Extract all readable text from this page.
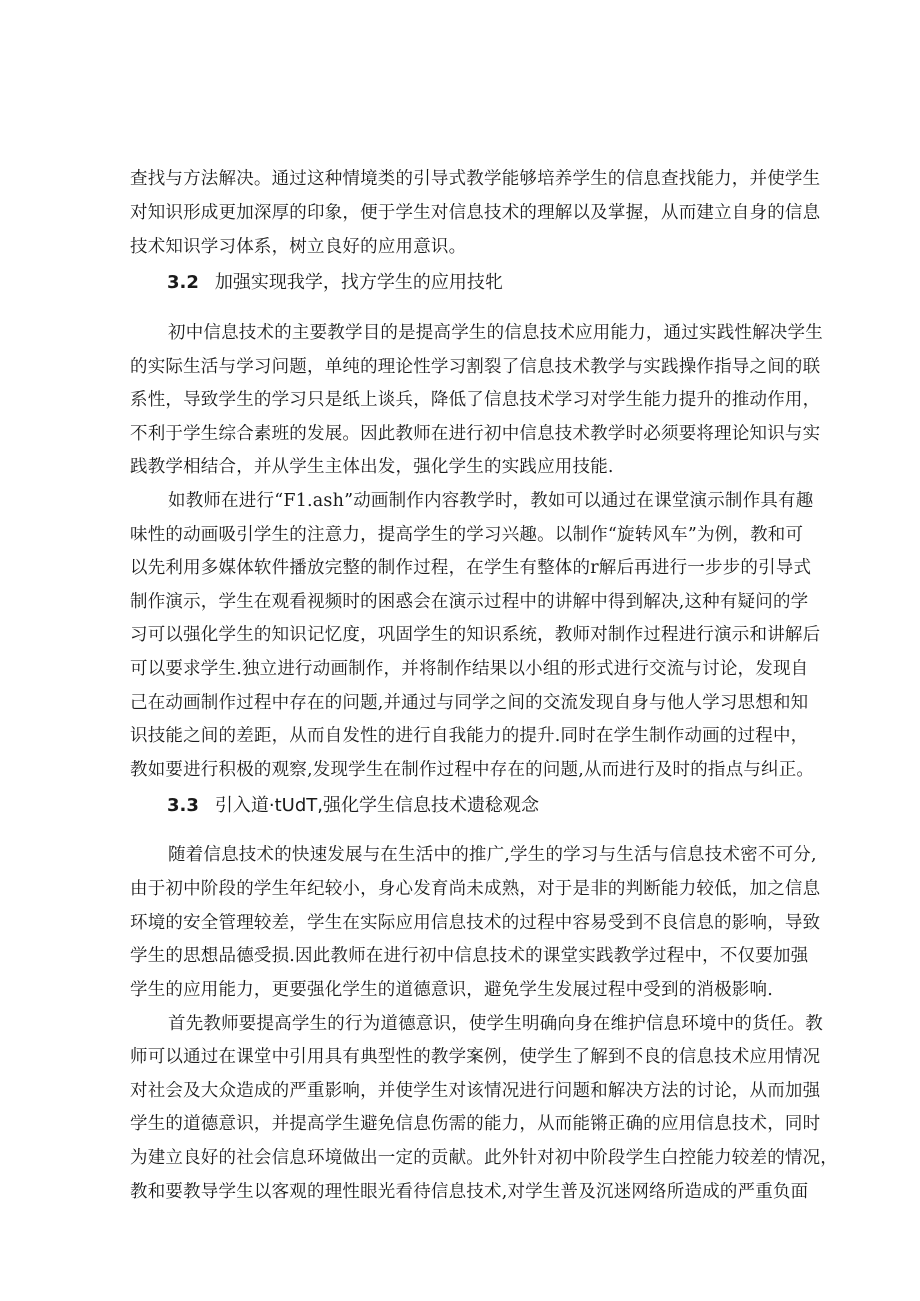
查找与方法解决。通过这种情境类的引导式教学能够培养学生的信息查找能力，并使学生
对知识形成更加深厚的印象，便于学生对信息技术的理解以及掌握，从而建立自身的信息
技术知识学习体系，树立良好的应用意识。
3.2 加强实现我学，找方学生的应用技牝
初中信息技术的主要教学目的是提高学生的信息技术应用能力，通过实践性解决学生
的实际生活与学习问题，单纯的理论性学习割裂了信息技术教学与实践操作指导之间的联
系性，导致学生的学习只是纸上谈兵，降低了信息技术学习对学生能力提升的推动作用，
不利于学生综合素班的发展。因此教师在进行初中信息技术教学时必须要将理论知识与实
践教学相结合，并从学生主体出发，强化学生的实践应用技能.
如教师在进行“F1.ash”动画制作内容教学时，教如可以通过在课堂演示制作具有趣
味性的动画吸引学生的注意力，提高学生的学习兴趣。以制作“旋转风车”为例，教和可
以先利用多媒体软件播放完整的制作过程，在学生有整体的r解后再进行一步步的引导式
制作演示，学生在观看视频时的困惑会在演示过程中的讲解中得到解决,这种有疑问的学
习可以强化学生的知识记忆度，巩固学生的知识系统，教师对制作过程进行演示和讲解后
可以要求学生.独立进行动画制作，并将制作结果以小组的形式进行交流与讨论，发现自
己在动画制作过程中存在的问题,并通过与同学之间的交流发现自身与他人学习思想和知
识技能之间的差距，从而自发性的进行自我能力的提升.同时在学生制作动画的过程中，
教如要进行积极的观察,发现学生在制作过程中存在的问题,从而进行及时的指点与纠正。
3.3 引入道·tUdT,强化学生信息技术遗稔观念
随着信息技术的快速发展与在生活中的推广,学生的学习与生活与信息技术密不可分,
由于初中阶段的学生年纪较小，身心发育尚未成熟，对于是非的判断能力较低，加之信息
环境的安全管理较差，学生在实际应用信息技术的过程中容易受到不良信息的影响，导致
学生的思想品德受损.因此教师在进行初中信息技术的课堂实践教学过程中，不仅要加强
学生的应用能力，更要强化学生的道德意识，避免学生发展过程中受到的消极影响.
首先教师要提高学生的行为道德意识，使学生明确向身在维护信息环境中的货任。教
师可以通过在课堂中引用具有典型性的教学案例，使学生了解到不良的信息技术应用情况
对社会及大众造成的严重影响，并使学生对该情况进行问题和解决方法的讨论，从而加强
学生的道德意识，并提高学生避免信息伤需的能力，从而能锵正确的应用信息技术，同时
为建立良好的社会信息环境做出一定的贡献。此外针对初中阶段学生白控能力较差的情况，
教和要教导学生以客观的理性眼光看待信息技术,对学生普及沉迷网络所造成的严重负面
